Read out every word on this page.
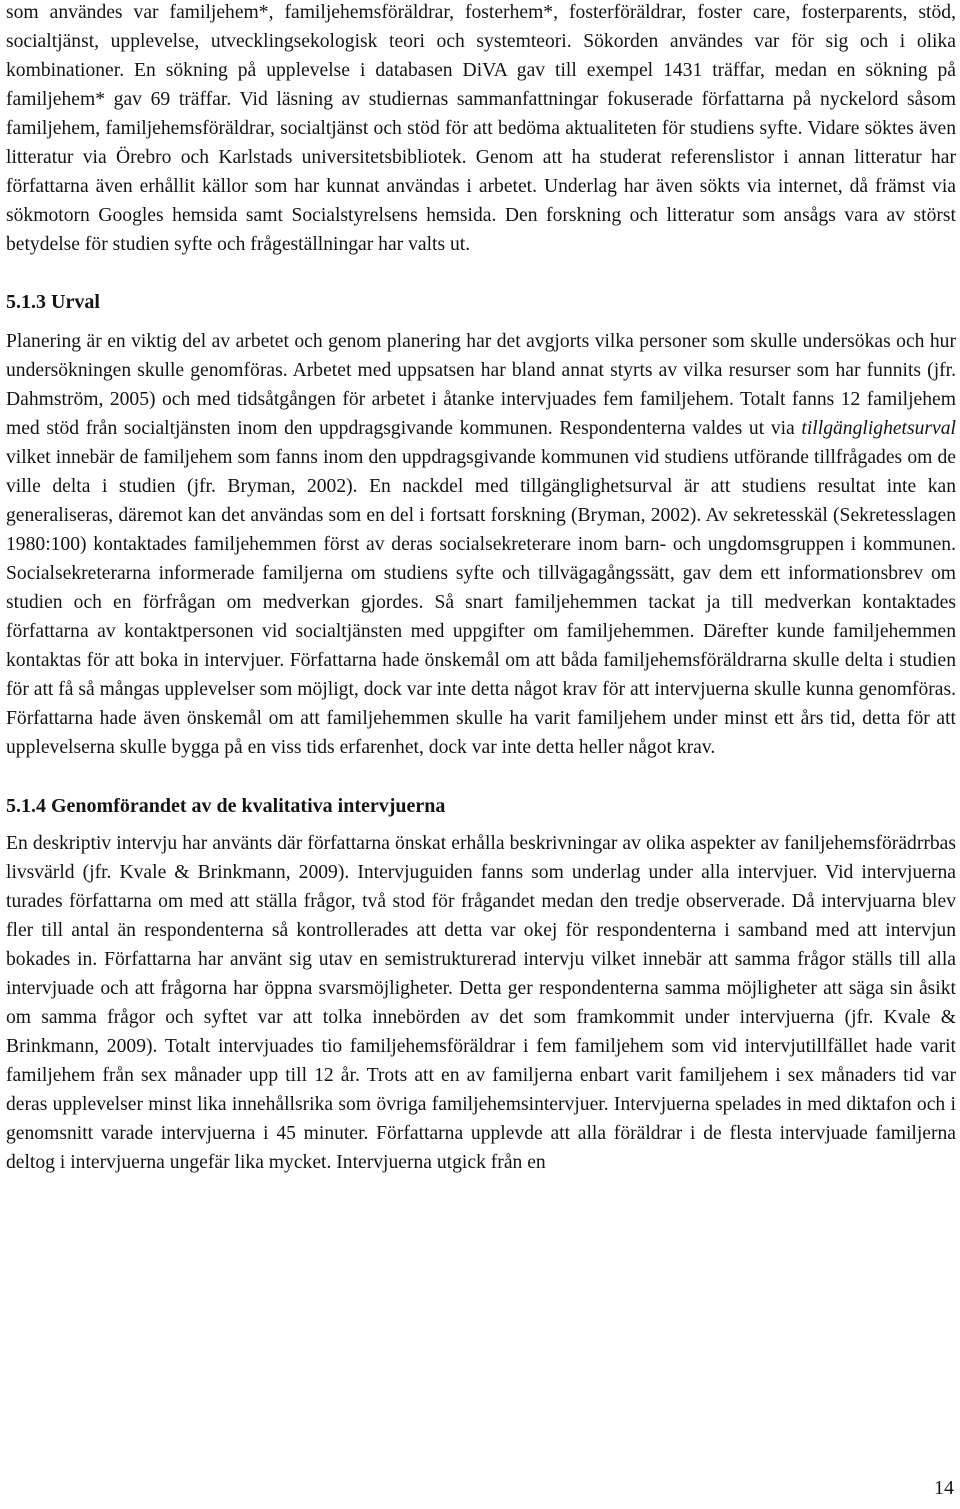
som användes var familjehem*, familjehemsföräldrar, fosterhem*, fosterföräldrar, foster care, fosterparents, stöd, socialtjänst, upplevelse, utvecklingsekologisk teori och systemteori. Sökorden användes var för sig och i olika kombinationer. En sökning på upplevelse i databasen DiVA gav till exempel 1431 träffar, medan en sökning på familjehem* gav 69 träffar. Vid läsning av studiernas sammanfattningar fokuserade författarna på nyckelord såsom familjehem, familjehemsföräldrar, socialtjänst och stöd för att bedöma aktualiteten för studiens syfte. Vidare söktes även litteratur via Örebro och Karlstads universitetsbibliotek. Genom att ha studerat referenslistor i annan litteratur har författarna även erhållit källor som har kunnat användas i arbetet. Underlag har även sökts via internet, då främst via sökmotorn Googles hemsida samt Socialstyrelsens hemsida. Den forskning och litteratur som ansågs vara av störst betydelse för studien syfte och frågeställningar har valts ut.

5.1.3 Urval

Planering är en viktig del av arbetet och genom planering har det avgjorts vilka personer som skulle undersökas och hur undersökningen skulle genomföras. Arbetet med uppsatsen har bland annat styrts av vilka resurser som har funnits (jfr. Dahmström, 2005) och med tidsåtgången för arbetet i åtanke intervjuades fem familjehem. Totalt fanns 12 familjehem med stöd från socialtjänsten inom den uppdragsgivande kommunen. Respondenterna valdes ut via tillgänglighetsurval vilket innebär de familjehem som fanns inom den uppdragsgivande kommunen vid studiens utförande tillfrågades om de ville delta i studien (jfr. Bryman, 2002). En nackdel med tillgänglighetsurval är att studiens resultat inte kan generaliseras, däremot kan det användas som en del i fortsatt forskning (Bryman, 2002). Av sekretesskäl (Sekretesslagen 1980:100) kontaktades familjehemmen först av deras socialsekreterare inom barn- och ungdomsgruppen i kommunen. Socialsekreterarna informerade familjerna om studiens syfte och tillvägagångssätt, gav dem ett informationsbrev om studien och en förfrågan om medverkan gjordes. Så snart familjehemmen tackat ja till medverkan kontaktades författarna av kontaktpersonen vid socialtjänsten med uppgifter om familjehemmen. Därefter kunde familjehemmen kontaktas för att boka in intervjuer. Författarna hade önskemål om att båda familjehemsföräldrarna skulle delta i studien för att få så mångas upplevelser som möjligt, dock var inte detta något krav för att intervjuerna skulle kunna genomföras. Författarna hade även önskemål om att familjehemmen skulle ha varit familjehem under minst ett års tid, detta för att upplevelserna skulle bygga på en viss tids erfarenhet, dock var inte detta heller något krav.

5.1.4 Genomförandet av de kvalitativa intervjuerna

En deskriptiv intervju har använts där författarna önskat erhålla beskrivningar av olika aspekter av faniljehemsförädrrbas livsvärld (jfr. Kvale & Brinkmann, 2009). Intervjuguiden fanns som underlag under alla intervjuer. Vid intervjuerna turades författarna om med att ställa frågor, två stod för frågandet medan den tredje observerade. Då intervjuarna blev fler till antal än respondenterna så kontrollerades att detta var okej för respondenterna i samband med att intervjun bokades in. Författarna har använt sig utav en semistrukturerad intervju vilket innebär att samma frågor ställs till alla intervjuade och att frågorna har öppna svarsmöjligheter. Detta ger respondenterna samma möjligheter att säga sin åsikt om samma frågor och syftet var att tolka innebörden av det som framkommit under intervjuerna (jfr. Kvale & Brinkmann, 2009). Totalt intervjuades tio familjehemsföräldrar i fem familjehem som vid intervjutillfället hade varit familjehem från sex månader upp till 12 år. Trots att en av familjerna enbart varit familjehem i sex månaders tid var deras upplevelser minst lika innehållsrika som övriga familjehemsintervjuer. Intervjuerna spelades in med diktafon och i genomsnitt varade intervjuerna i 45 minuter. Författarna upplevde att alla föräldrar i de flesta intervjuade familjerna deltog i intervjuerna ungefär lika mycket. Intervjuerna utgick från en

14
